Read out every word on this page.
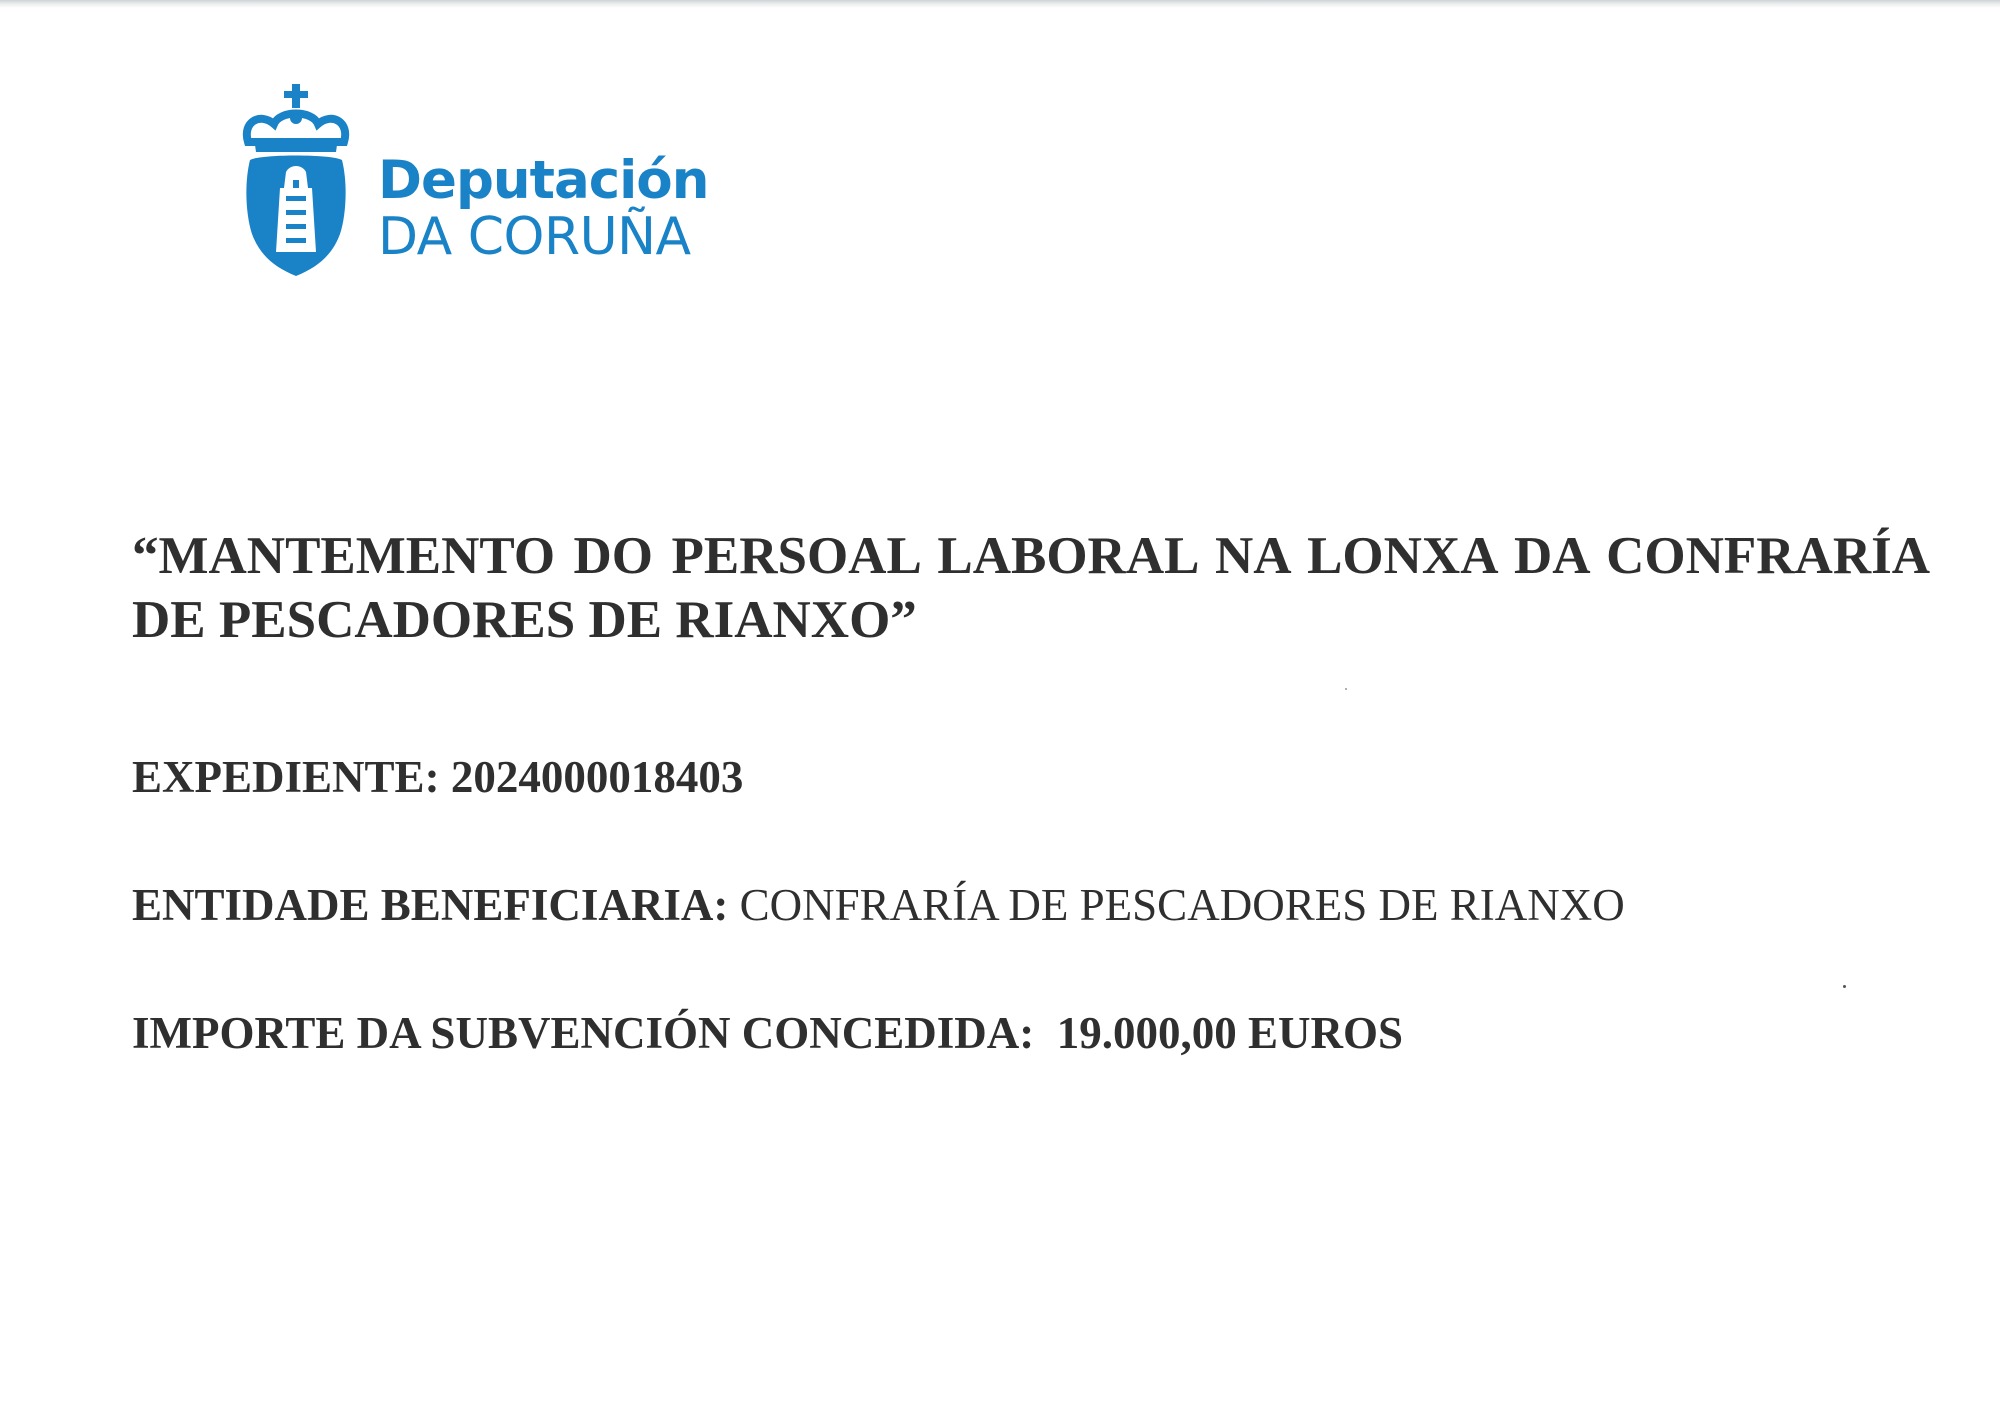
Deputación
DA CORUÑA

“MANTEMENTO DO PERSOAL LABORAL NA LONXA DA CONFRARÍA DE PESCADORES DE RIANXO”

EXPEDIENTE: 2024000018403

ENTIDADE BENEFICIARIA: CONFRARÍA DE PESCADORES DE RIANXO

IMPORTE DA SUBVENCIÓN CONCEDIDA: 19.000,00 EUROS
